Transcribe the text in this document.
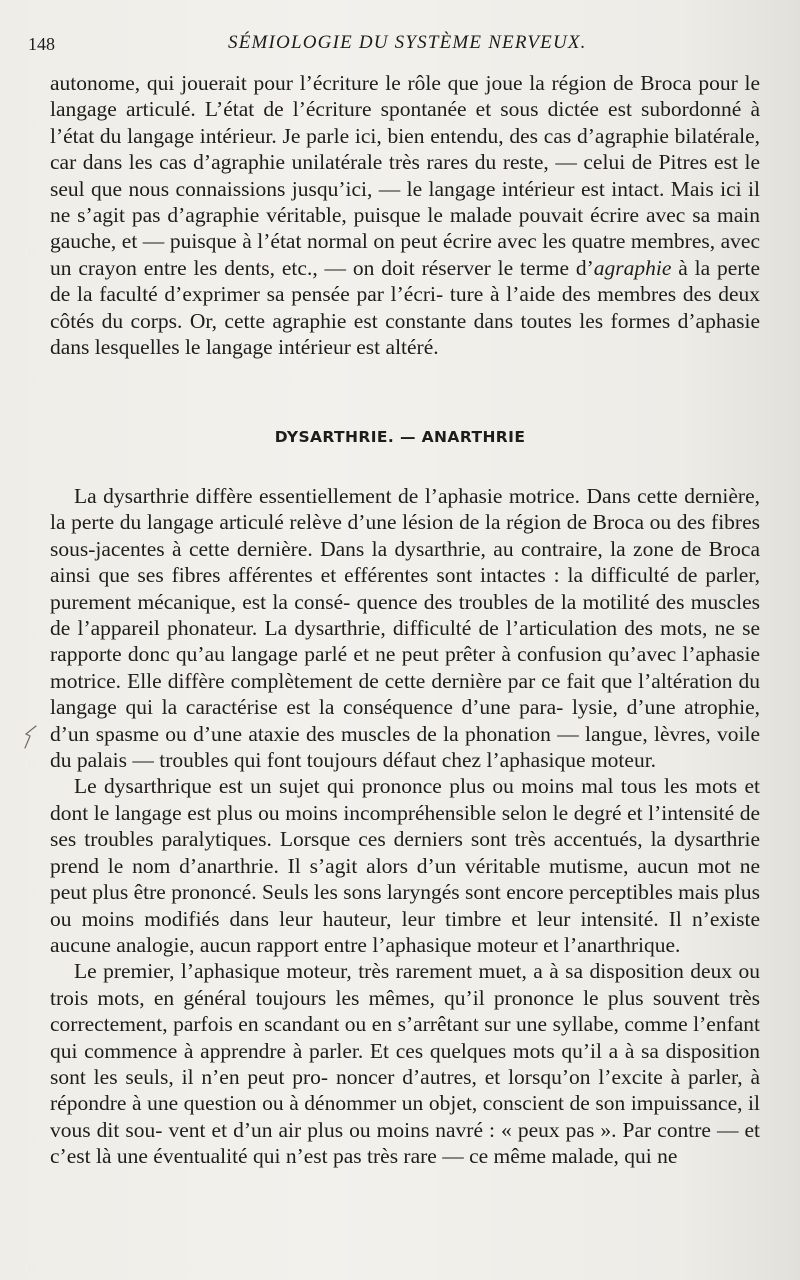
148	SÉMIOLOGIE DU SYSTÈME NERVEUX.

autonome, qui jouerait pour l’écriture le rôle que joue la région de Broca pour le langage articulé. L’état de l’écriture spontanée et sous dictée est subordonné à l’état du langage intérieur. Je parle ici, bien entendu, des cas d’agraphie bilatérale, car dans les cas d’agraphie unilatérale très rares du reste, — celui de Pitres est le seul que nous connaissions jusqu’ici, — le langage intérieur est intact. Mais ici il ne s’agit pas d’agraphie véritable, puisque le malade pouvait écrire avec sa main gauche, et — puisque à l’état normal on peut écrire avec les quatre membres, avec un crayon entre les dents, etc., — on doit réserver le terme d’agraphie à la perte de la faculté d’exprimer sa pensée par l’écri- ture à l’aide des membres des deux côtés du corps. Or, cette agraphie est constante dans toutes les formes d’aphasie dans lesquelles le langage intérieur est altéré.

DYSARTHRIE. — ANARTHRIE

La dysarthrie diffère essentiellement de l’aphasie motrice. Dans cette dernière, la perte du langage articulé relève d’une lésion de la région de Broca ou des fibres sous-jacentes à cette dernière. Dans la dysarthrie, au contraire, la zone de Broca ainsi que ses fibres afférentes et efférentes sont intactes : la difficulté de parler, purement mécanique, est la consé- quence des troubles de la motilité des muscles de l’appareil phonateur. La dysarthrie, difficulté de l’articulation des mots, ne se rapporte donc qu’au langage parlé et ne peut prêter à confusion qu’avec l’aphasie motrice. Elle diffère complètement de cette dernière par ce fait que l’altération du langage qui la caractérise est la conséquence d’une para- lysie, d’une atrophie, d’un spasme ou d’une ataxie des muscles de la phonation — langue, lèvres, voile du palais — troubles qui font toujours défaut chez l’aphasique moteur.

Le dysarthrique est un sujet qui prononce plus ou moins mal tous les mots et dont le langage est plus ou moins incompréhensible selon le degré et l’intensité de ses troubles paralytiques. Lorsque ces derniers sont très accentués, la dysarthrie prend le nom d’anarthrie. Il s’agit alors d’un véritable mutisme, aucun mot ne peut plus être prononcé. Seuls les sons laryngés sont encore perceptibles mais plus ou moins modifiés dans leur hauteur, leur timbre et leur intensité. Il n’existe aucune analogie, aucun rapport entre l’aphasique moteur et l’anarthrique.

Le premier, l’aphasique moteur, très rarement muet, a à sa disposition deux ou trois mots, en général toujours les mêmes, qu’il prononce le plus souvent très correctement, parfois en scandant ou en s’arrêtant sur une syllabe, comme l’enfant qui commence à apprendre à parler. Et ces quelques mots qu’il a à sa disposition sont les seuls, il n’en peut pro- noncer d’autres, et lorsqu’on l’excite à parler, à répondre à une question ou à dénommer un objet, conscient de son impuissance, il vous dit sou- vent et d’un air plus ou moins navré : « peux pas ». Par contre — et c’est là une éventualité qui n’est pas très rare — ce même malade, qui ne
